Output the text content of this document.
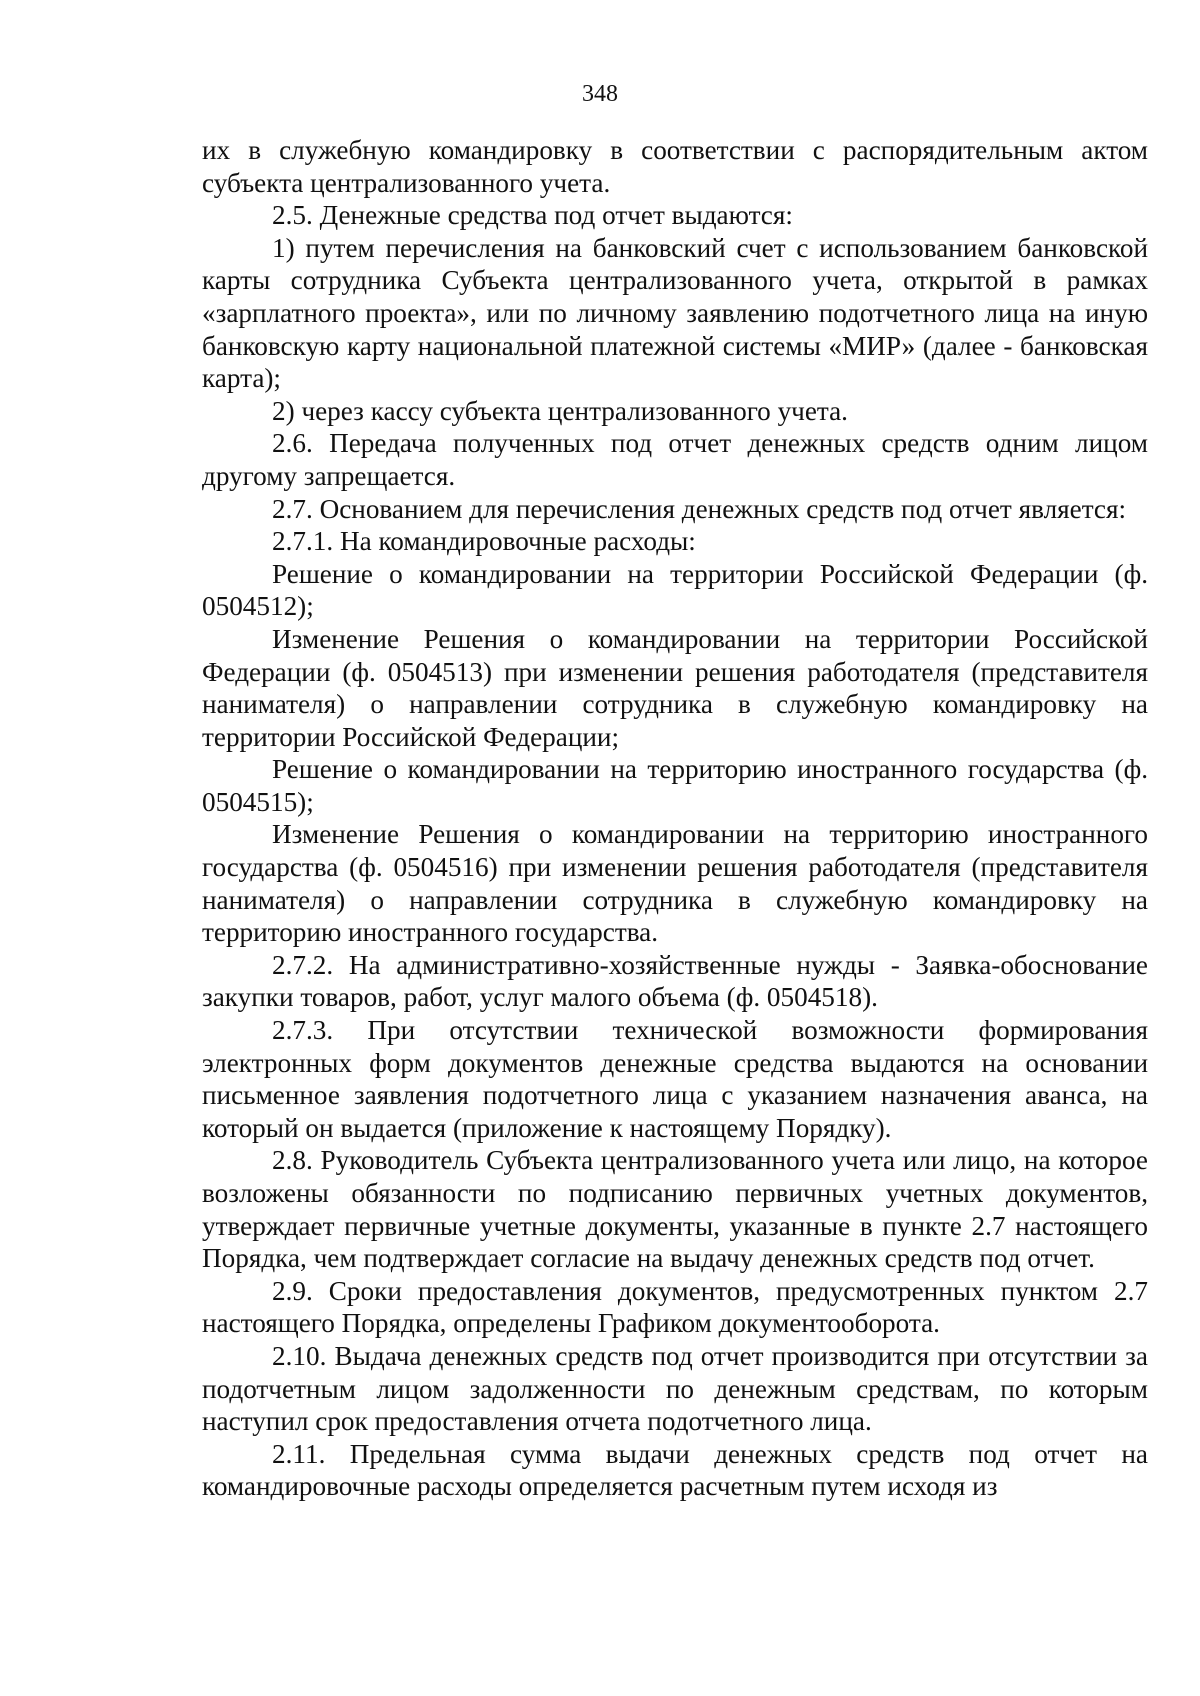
348

их в служебную командировку в соответствии с распорядительным актом субъекта централизованного учета.

2.5. Денежные средства под отчет выдаются:

1) путем перечисления на банковский счет с использованием банковской карты сотрудника Субъекта централизованного учета, открытой в рамках «зарплатного проекта», или по личному заявлению подотчетного лица на иную банковскую карту национальной платежной системы «МИР» (далее - банковская карта);

2) через кассу субъекта централизованного учета.

2.6. Передача полученных под отчет денежных средств одним лицом другому запрещается.

2.7. Основанием для перечисления денежных средств под отчет является:

2.7.1. На командировочные расходы:

Решение о командировании на территории Российской Федерации (ф. 0504512);

Изменение Решения о командировании на территории Российской Федерации (ф. 0504513) при изменении решения работодателя (представителя нанимателя) о направлении сотрудника в служебную командировку на территории Российской Федерации;

Решение о командировании на территорию иностранного государства (ф. 0504515);

Изменение Решения о командировании на территорию иностранного государства (ф. 0504516) при изменении решения работодателя (представителя нанимателя) о направлении сотрудника в служебную командировку на территорию иностранного государства.

2.7.2. На административно-хозяйственные нужды - Заявка-обоснование закупки товаров, работ, услуг малого объема (ф. 0504518).

2.7.3. При отсутствии технической возможности формирования электронных форм документов денежные средства выдаются на основании письменное заявления подотчетного лица с указанием назначения аванса, на который он выдается (приложение к настоящему Порядку).

2.8. Руководитель Субъекта централизованного учета или лицо, на которое возложены обязанности по подписанию первичных учетных документов, утверждает первичные учетные документы, указанные в пункте 2.7 настоящего Порядка, чем подтверждает согласие на выдачу денежных средств под отчет.

2.9. Сроки предоставления документов, предусмотренных пунктом 2.7 настоящего Порядка, определены Графиком документооборота.

2.10. Выдача денежных средств под отчет производится при отсутствии за подотчетным лицом задолженности по денежным средствам, по которым наступил срок предоставления отчета подотчетного лица.

2.11. Предельная сумма выдачи денежных средств под отчет на командировочные расходы определяется расчетным путем исходя из
